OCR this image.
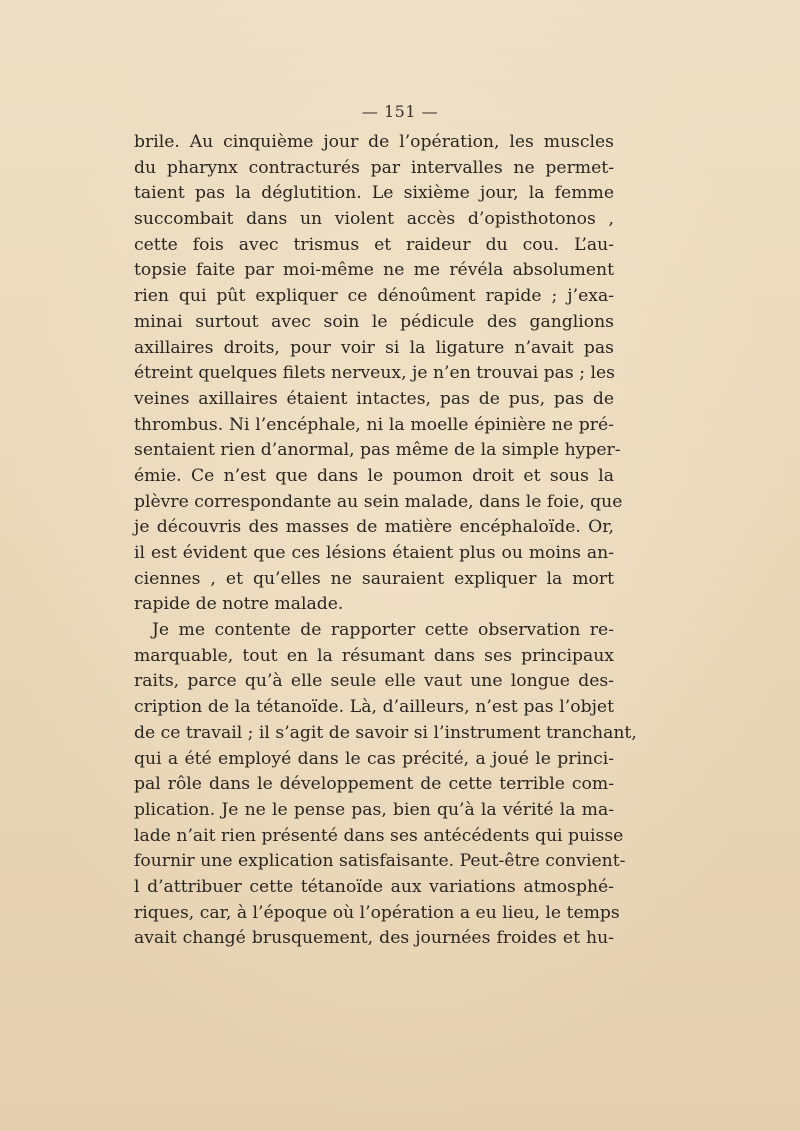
— 151 —
brile. Au cinquième jour de l’opération, les muscles
du pharynx contracturés par intervalles ne permet-
taient pas la déglutition. Le sixième jour, la femme
succombait dans un violent accès d’opisthotonos ,
cette fois avec trismus et raideur du cou. L’au-
topsie faite par moi-même ne me révéla absolument
rien qui pût expliquer ce dénoûment rapide ; j’exa-
minai surtout avec soin le pédicule des ganglions
axillaires droits, pour voir si la ligature n’avait pas
étreint quelques filets nerveux, je n’en trouvai pas ; les
veines axillaires étaient intactes, pas de pus, pas de
thrombus. Ni l’encéphale, ni la moelle épinière ne pré-
sentaient rien d’anormal, pas même de la simple hyper-
émie. Ce n’est que dans le poumon droit et sous la
plèvre correspondante au sein malade, dans le foie, que
je découvris des masses de matière encéphaloïde. Or,
il est évident que ces lésions étaient plus ou moins an-
ciennes , et qu’elles ne sauraient expliquer la mort
rapide de notre malade.
Je me contente de rapporter cette observation re-
marquable, tout en la résumant dans ses principaux
raits, parce qu’à elle seule elle vaut une longue des-
cription de la tétanoïde. Là, d’ailleurs, n’est pas l’objet
de ce travail ; il s’agit de savoir si l’instrument tranchant,
qui a été employé dans le cas précité, a joué le princi-
pal rôle dans le développement de cette terrible com-
plication. Je ne le pense pas, bien qu’à la vérité la ma-
lade n’ait rien présenté dans ses antécédents qui puisse
fournir une explication satisfaisante. Peut-être convient-
l d’attribuer cette tétanoïde aux variations atmosphé-
riques, car, à l’époque où l’opération a eu lieu, le temps
avait changé brusquement, des journées froides et hu-
